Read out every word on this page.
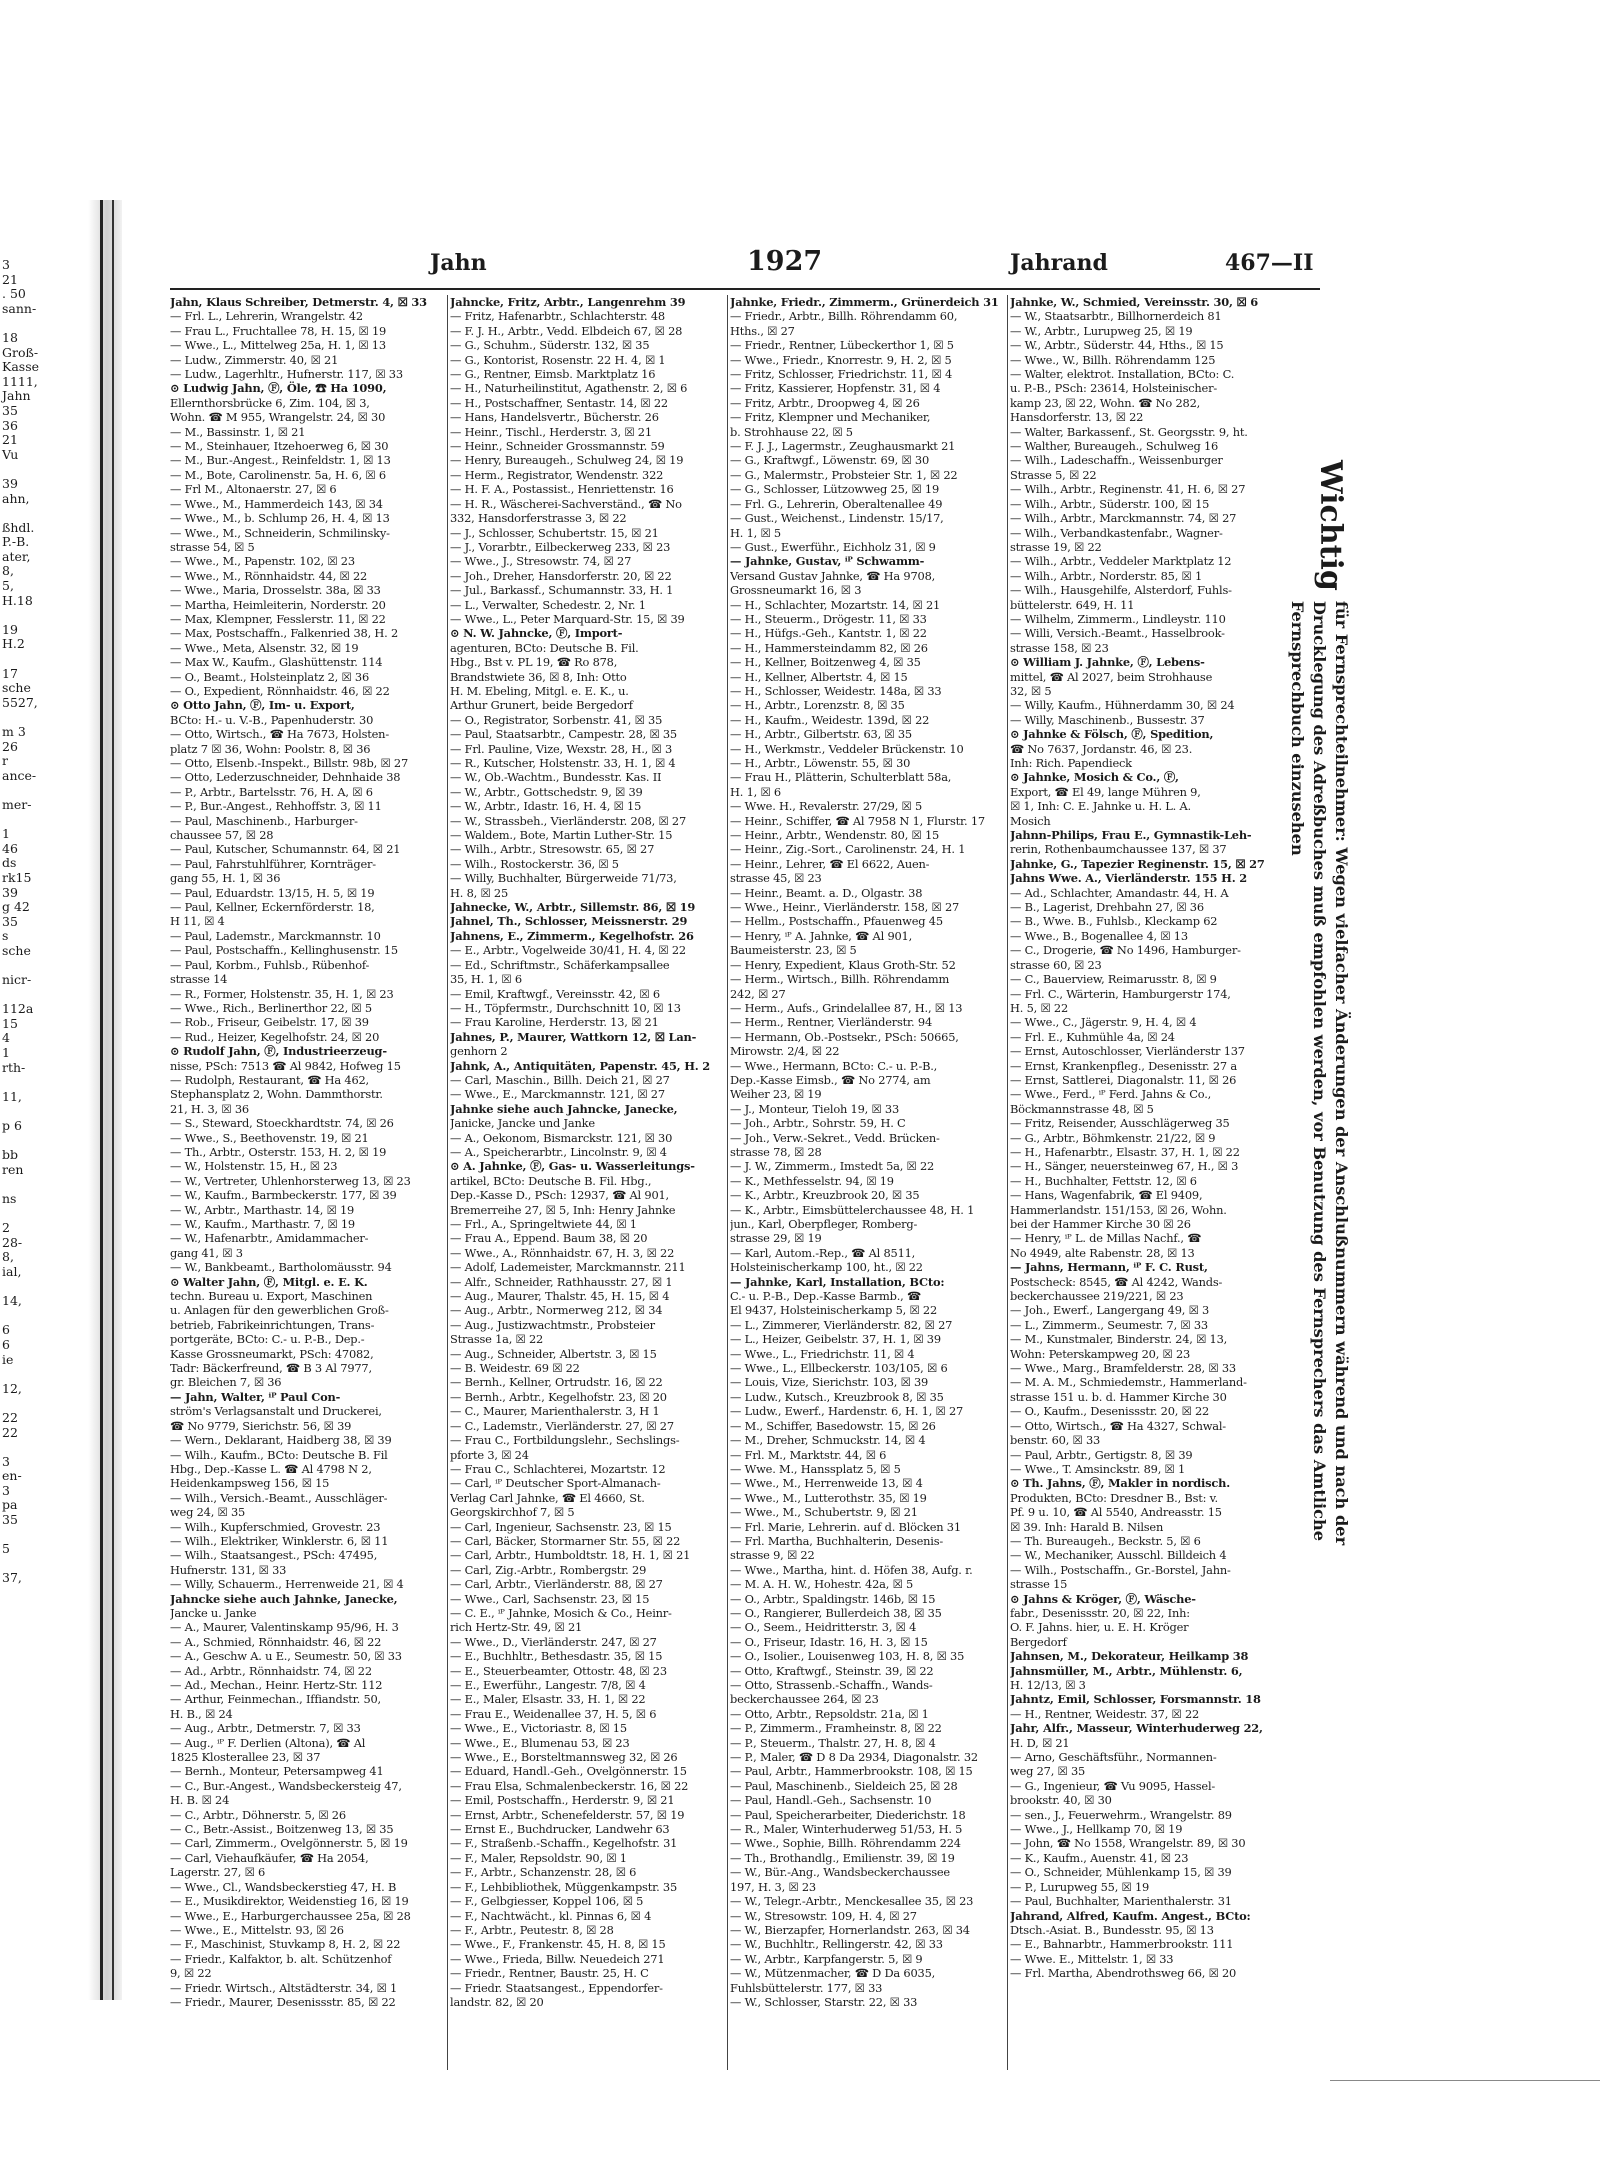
3
21
. 50
sann-

18
Groß-
Kasse
1111,
Jahn
35
36
21
Vu

39
ahn,

ßhdl.
P.-B.
ater,
8,
5,
H.18

19
H.2

17
sche
5527,

m 3
26
r
ance-

mer-

1
46
ds
rk15
39
g 42
35
s
sche

nicr-

112a
15
4
1
rth-

11,

p 6

bb
ren

ns

2
28-
8,
ial,

14,

6
6
ie

12,

22
22

3
en-
3
pa
35

5

37,
Jahn	1927	Jahrand	467—II
Jahn, Klaus Schreiber, Detmerstr. 4, ☒ 33
— Frl. L., Lehrerin, Wrangelstr. 42
— Frau L., Fruchtallee 78, H. 15, ☒ 19
— Wwe., L., Mittelweg 25a, H. 1, ☒ 13
— Ludw., Zimmerstr. 40, ☒ 21
— Ludw., Lagerhltr., Hufnerstr. 117, ☒ 33
⊙ Ludwig Jahn, Ⓕ, Öle, ☎ Ha 1090,
Ellernthorsbrücke 6, Zim. 104, ☒ 3,
Wohn. ☎ M 955, Wrangelstr. 24, ☒ 30
— M., Bassinstr. 1, ☒ 21
— M., Steinhauer, Itzehoerweg 6, ☒ 30
— M., Bur.-Angest., Reinfeldstr. 1, ☒ 13
— M., Bote, Carolinenstr. 5a, H. 6, ☒ 6
— Frl M., Altonaerstr. 27, ☒ 6
— Wwe., M., Hammerdeich 143, ☒ 34
— Wwe., M., b. Schlump 26, H. 4, ☒ 13
— Wwe., M., Schneiderin, Schmilinsky-
strasse 54, ☒ 5
— Wwe., M., Papenstr. 102, ☒ 23
— Wwe., M., Rönnhaidstr. 44, ☒ 22
— Wwe., Maria, Drosselstr. 38a, ☒ 33
— Martha, Heimleiterin, Norderstr. 20
— Max, Klempner, Fesslerstr. 11, ☒ 22
— Max, Postschaffn., Falkenried 38, H. 2
— Wwe., Meta, Alsenstr. 32, ☒ 19
— Max W., Kaufm., Glashüttenstr. 114
— O., Beamt., Holsteinplatz 2, ☒ 36
— O., Expedient, Rönnhaidstr. 46, ☒ 22
⊙ Otto Jahn, Ⓕ, Im- u. Export,
BCto: H.- u. V.-B., Papenhuderstr. 30
— Otto, Wirtsch., ☎ Ha 7673, Holsten-
platz 7 ☒ 36, Wohn: Poolstr. 8, ☒ 36
— Otto, Elsenb.-Inspekt., Billstr. 98b, ☒ 27
— Otto, Lederzuschneider, Dehnhaide 38
— P., Arbtr., Bartelsstr. 76, H. A, ☒ 6
— P., Bur.-Angest., Rehhoffstr. 3, ☒ 11
— Paul, Maschinenb., Harburger-
chaussee 57, ☒ 28
— Paul, Kutscher, Schumannstr. 64, ☒ 21
— Paul, Fahrstuhlführer, Kornträger-
gang 55, H. 1, ☒ 36
— Paul, Eduardstr. 13/15, H. 5, ☒ 19
— Paul, Kellner, Eckernförderstr. 18,
H 11, ☒ 4
— Paul, Lademstr., Marckmannstr. 10
— Paul, Postschaffn., Kellinghusenstr. 15
— Paul, Korbm., Fuhlsb., Rübenhof-
strasse 14
— R., Former, Holstenstr. 35, H. 1, ☒ 23
— Wwe., Rich., Berlinerthor 22, ☒ 5
— Rob., Friseur, Geibelstr. 17, ☒ 39
— Rud., Heizer, Kegelhofstr. 24, ☒ 20
⊙ Rudolf Jahn, Ⓕ, Industrieerzeug-
nisse, PSch: 7513 ☎ Al 9842, Hofweg 15
— Rudolph, Restaurant, ☎ Ha 462,
Stephansplatz 2, Wohn. Dammthorstr.
21, H. 3, ☒ 36
— S., Steward, Stoeckhardtstr. 74, ☒ 26
— Wwe., S., Beethovenstr. 19, ☒ 21
— Th., Arbtr., Osterstr. 153, H. 2, ☒ 19
— W., Holstenstr. 15, H., ☒ 23
— W., Vertreter, Uhlenhorsterweg 13, ☒ 23
— W., Kaufm., Barmbeckerstr. 177, ☒ 39
— W., Arbtr., Marthastr. 14, ☒ 19
— W., Kaufm., Marthastr. 7, ☒ 19
— W., Hafenarbtr., Amidammacher-
gang 41, ☒ 3
— W., Bankbeamt., Bartholomäusstr. 94
⊙ Walter Jahn, Ⓕ, Mitgl. e. E. K.
techn. Bureau u. Export, Maschinen
u. Anlagen für den gewerblichen Groß-
betrieb, Fabrikeinrichtungen, Trans-
portgeräte, BCto: C.- u. P.-B., Dep.-
Kasse Grossneumarkt, PSch: 47082,
Tadr: Bäckerfreund, ☎ B 3 Al 7977,
gr. Bleichen 7, ☒ 36
— Jahn, Walter, ⁱᴾ Paul Con-
ström's Verlagsanstalt und Druckerei,
☎ No 9779, Sierichstr. 56, ☒ 39
— Wern., Deklarant, Haidberg 38, ☒ 39
— Wilh., Kaufm., BCto: Deutsche B. Fil
Hbg., Dep.-Kasse L. ☎ Al 4798 N 2,
Heidenkampsweg 156, ☒ 15
— Wilh., Versich.-Beamt., Ausschläger-
weg 24, ☒ 35
— Wilh., Kupferschmied, Grovestr. 23
— Wilh., Elektriker, Winklerstr. 6, ☒ 11
— Wilh., Staatsangest., PSch: 47495,
Hufnerstr. 131, ☒ 33
— Willy, Schauerm., Herrenweide 21, ☒ 4
Jahncke siehe auch Jahnke, Janecke,
Jancke u. Janke
— A., Maurer, Valentinskamp 95/96, H. 3
— A., Schmied, Rönnhaidstr. 46, ☒ 22
— A., Geschw A. u E., Seumestr. 50, ☒ 33
— Ad., Arbtr., Rönnhaidstr. 74, ☒ 22
— Ad., Mechan., Heinr. Hertz-Str. 112
— Arthur, Feinmechan., Iffiandstr. 50,
H. B., ☒ 24
— Aug., Arbtr., Detmerstr. 7, ☒ 33
— Aug., ⁱᴾ F. Derlien (Altona), ☎ Al
1825 Klosterallee 23, ☒ 37
— Bernh., Monteur, Petersampweg 41
— C., Bur.-Angest., Wandsbeckersteig 47,
H. B. ☒ 24
— C., Arbtr., Döhnerstr. 5, ☒ 26
— C., Betr.-Assist., Boitzenweg 13, ☒ 35
— Carl, Zimmerm., Ovelgönnerstr. 5, ☒ 19
— Carl, Viehaufkäufer, ☎ Ha 2054,
Lagerstr. 27, ☒ 6
— Wwe., Cl., Wandsbeckerstieg 47, H. B
— E., Musikdirektor, Weidenstieg 16, ☒ 19
— Wwe., E., Harburgerchaussee 25a, ☒ 28
— Wwe., E., Mittelstr. 93, ☒ 26
— F., Maschinist, Stuvkamp 8, H. 2, ☒ 22
— Friedr., Kalfaktor, b. alt. Schützenhof
9, ☒ 22
— Friedr. Wirtsch., Altstädterstr. 34, ☒ 1
— Friedr., Maurer, Desenissstr. 85, ☒ 22
Jahncke, Fritz, Arbtr., Langenrehm 39
— Fritz, Hafenarbtr., Schlachterstr. 48
— F. J. H., Arbtr., Vedd. Elbdeich 67, ☒ 28
— G., Schuhm., Süderstr. 132, ☒ 35
— G., Kontorist, Rosenstr. 22 H. 4, ☒ 1
— G., Rentner, Eimsb. Marktplatz 16
— H., Naturheilinstitut, Agathenstr. 2, ☒ 6
— H., Postschaffner, Sentastr. 14, ☒ 22
— Hans, Handelsvertr., Bücherstr. 26
— Heinr., Tischl., Herderstr. 3, ☒ 21
— Heinr., Schneider Grossmannstr. 59
— Henry, Bureaugeh., Schulweg 24, ☒ 19
— Herm., Registrator, Wendenstr. 322
— H. F. A., Postassist., Henriettenstr. 16
— H. R., Wäscherei-Sachverständ., ☎ No
332, Hansdorferstrasse 3, ☒ 22
— J., Schlosser, Schubertstr. 15, ☒ 21
— J., Vorarbtr., Eilbeckerweg 233, ☒ 23
— Wwe., J., Stresowstr. 74, ☒ 27
— Joh., Dreher, Hansdorferstr. 20, ☒ 22
— Jul., Barkassf., Schumannstr. 33, H. 1
— L., Verwalter, Schedestr. 2, Nr. 1
— Wwe., L., Peter Marquard-Str. 15, ☒ 39
⊙ N. W. Jahncke, Ⓕ, Import-
agenturen, BCto: Deutsche B. Fil.
Hbg., Bst v. PL 19, ☎ Ro 878,
Brandstwiete 36, ☒ 8, Inh: Otto
H. M. Ebeling, Mitgl. e. E. K., u.
Arthur Grunert, beide Bergedorf
— O., Registrator, Sorbenstr. 41, ☒ 35
— Paul, Staatsarbtr., Campestr. 28, ☒ 35
— Frl. Pauline, Vize, Wexstr. 28, H., ☒ 3
— R., Kutscher, Holstenstr. 33, H. 1, ☒ 4
— W., Ob.-Wachtm., Bundesstr. Kas. II
— W., Arbtr., Gottschedstr. 9, ☒ 39
— W., Arbtr., Idastr. 16, H. 4, ☒ 15
— W., Strassbeh., Vierländerstr. 208, ☒ 27
— Waldem., Bote, Martin Luther-Str. 15
— Wilh., Arbtr., Stresowstr. 65, ☒ 27
— Wilh., Rostockerstr. 36, ☒ 5
— Willy, Buchhalter, Bürgerweide 71/73,
H. 8, ☒ 25
Jahnecke, W., Arbtr., Sillemstr. 86, ☒ 19
Jahnel, Th., Schlosser, Meissnerstr. 29
Jahnens, E., Zimmerm., Kegelhofstr. 26
— E., Arbtr., Vogelweide 30/41, H. 4, ☒ 22
— Ed., Schriftmstr., Schäferkampsallee
35, H. 1, ☒ 6
— Emil, Kraftwgf., Vereinsstr. 42, ☒ 6
— H., Töpfermstr., Durchschnitt 10, ☒ 13
— Frau Karoline, Herderstr. 13, ☒ 21
Jahnes, P., Maurer, Wattkorn 12, ☒ Lan-
genhorn 2
Jahnk, A., Antiquitäten, Papenstr. 45, H. 2
— Carl, Maschin., Billh. Deich 21, ☒ 27
— Wwe., E., Marckmannstr. 121, ☒ 27
Jahnke siehe auch Jahncke, Janecke,
Janicke, Jancke und Janke
— A., Oekonom, Bismarckstr. 121, ☒ 30
— A., Speicherarbtr., Lincolnstr. 9, ☒ 4
⊙ A. Jahnke, Ⓕ, Gas- u. Wasserleitungs-
artikel, BCto: Deutsche B. Fil. Hbg.,
Dep.-Kasse D., PSch: 12937, ☎ Al 901,
Bremerreihe 27, ☒ 5, Inh: Henry Jahnke
— Frl., A., Springeltwiete 44, ☒ 1
— Frau A., Eppend. Baum 38, ☒ 20
— Wwe., A., Rönnhaidstr. 67, H. 3, ☒ 22
— Adolf, Lademeister, Marckmannstr. 211
— Alfr., Schneider, Rathhausstr. 27, ☒ 1
— Aug., Maurer, Thalstr. 45, H. 15, ☒ 4
— Aug., Arbtr., Normerweg 212, ☒ 34
— Aug., Justizwachtmstr., Probsteier
Strasse 1a, ☒ 22
— Aug., Schneider, Albertstr. 3, ☒ 15
— B. Weidestr. 69 ☒ 22
— Bernh., Kellner, Ortrudstr. 16, ☒ 22
— Bernh., Arbtr., Kegelhofstr. 23, ☒ 20
— C., Maurer, Marienthalerstr. 3, H 1
— C., Lademstr., Vierländerstr. 27, ☒ 27
— Frau C., Fortbildungslehr., Sechslings-
pforte 3, ☒ 24
— Frau C., Schlachterei, Mozartstr. 12
— Carl, ⁱᴾ Deutscher Sport-Almanach-
Verlag Carl Jahnke, ☎ El 4660, St.
Georgskirchhof 7, ☒ 5
— Carl, Ingenieur, Sachsenstr. 23, ☒ 15
— Carl, Bäcker, Stormarner Str. 55, ☒ 22
— Carl, Arbtr., Humboldtstr. 18, H. 1, ☒ 21
— Carl, Zig.-Arbtr., Rombergstr. 29
— Carl, Arbtr., Vierländerstr. 88, ☒ 27
— Wwe., Carl, Sachsenstr. 23, ☒ 15
— C. E., ⁱᴾ Jahnke, Mosich & Co., Heinr-
rich Hertz-Str. 49, ☒ 21
— Wwe., D., Vierländerstr. 247, ☒ 27
— E., Buchhltr., Bethesdastr. 35, ☒ 15
— E., Steuerbeamter, Ottostr. 48, ☒ 23
— E., Ewerführ., Langestr. 7/8, ☒ 4
— E., Maler, Elsastr. 33, H. 1, ☒ 22
— Frau E., Weidenallee 37, H. 5, ☒ 6
— Wwe., E., Victoriastr. 8, ☒ 15
— Wwe., E., Blumenau 53, ☒ 23
— Wwe., E., Borsteltmannsweg 32, ☒ 26
— Eduard, Handl.-Geh., Ovelgönnerstr. 15
— Frau Elsa, Schmalenbeckerstr. 16, ☒ 22
— Emil, Postschaffn., Herderstr. 9, ☒ 21
— Ernst, Arbtr., Schenefelderstr. 57, ☒ 19
— Ernst E., Buchdrucker, Landwehr 63
— F., Straßenb.-Schaffn., Kegelhofstr. 31
— F., Maler, Repsoldstr. 90, ☒ 1
— F., Arbtr., Schanzenstr. 28, ☒ 6
— F., Lehbibliothek, Müggenkampstr. 35
— F., Gelbgiesser, Koppel 106, ☒ 5
— F., Nachtwächt., kl. Pinnas 6, ☒ 4
— F., Arbtr., Peutestr. 8, ☒ 28
— Wwe., F., Frankenstr. 45, H. 8, ☒ 15
— Wwe., Frieda, Billw. Neuedeich 271
— Friedr., Rentner, Baustr. 25, H. C
— Friedr. Staatsangest., Eppendorfer-
landstr. 82, ☒ 20
Jahnke, Friedr., Zimmerm., Grünerdeich 31
— Friedr., Arbtr., Billh. Röhrendamm 60,
Hths., ☒ 27
— Friedr., Rentner, Lübeckerthor 1, ☒ 5
— Wwe., Friedr., Knorrestr. 9, H. 2, ☒ 5
— Fritz, Schlosser, Friedrichstr. 11, ☒ 4
— Fritz, Kassierer, Hopfenstr. 31, ☒ 4
— Fritz, Arbtr., Droopweg 4, ☒ 26
— Fritz, Klempner und Mechaniker,
b. Strohhause 22, ☒ 5
— F. J. J., Lagermstr., Zeughausmarkt 21
— G., Kraftwgf., Löwenstr. 69, ☒ 30
— G., Malermstr., Probsteier Str. 1, ☒ 22
— G., Schlosser, Lützowweg 25, ☒ 19
— Frl. G., Lehrerin, Oberaltenallee 49
— Gust., Weichenst., Lindenstr. 15/17,
H. 1, ☒ 5
— Gust., Ewerführ., Eichholz 31, ☒ 9
— Jahnke, Gustav, ⁱᴾ Schwamm-
Versand Gustav Jahnke, ☎ Ha 9708,
Grossneumarkt 16, ☒ 3
— H., Schlachter, Mozartstr. 14, ☒ 21
— H., Steuerm., Drögestr. 11, ☒ 33
— H., Hüfgs.-Geh., Kantstr. 1, ☒ 22
— H., Hammersteindamm 82, ☒ 26
— H., Kellner, Boitzenweg 4, ☒ 35
— H., Kellner, Albertstr. 4, ☒ 15
— H., Schlosser, Weidestr. 148a, ☒ 33
— H., Arbtr., Lorenzstr. 8, ☒ 35
— H., Kaufm., Weidestr. 139d, ☒ 22
— H., Arbtr., Gilbertstr. 63, ☒ 35
— H., Werkmstr., Veddeler Brückenstr. 10
— H., Arbtr., Löwenstr. 55, ☒ 30
— Frau H., Plätterin, Schulterblatt 58a,
H. 1, ☒ 6
— Wwe. H., Revalerstr. 27/29, ☒ 5
— Heinr., Schiffer, ☎ Al 7958 N 1, Flurstr. 17
— Heinr., Arbtr., Wendenstr. 80, ☒ 15
— Heinr., Zig.-Sort., Carolinenstr. 24, H. 1
— Heinr., Lehrer, ☎ El 6622, Auen-
strasse 45, ☒ 23
— Heinr., Beamt. a. D., Olgastr. 38
— Wwe., Heinr., Vierländerstr. 158, ☒ 27
— Hellm., Postschaffn., Pfauenweg 45
— Henry, ⁱᴾ A. Jahnke, ☎ Al 901,
Baumeisterstr. 23, ☒ 5
— Henry, Expedient, Klaus Groth-Str. 52
— Herm., Wirtsch., Billh. Röhrendamm
242, ☒ 27
— Herm., Aufs., Grindelallee 87, H., ☒ 13
— Herm., Rentner, Vierländerstr. 94
— Hermann, Ob.-Postsekr., PSch: 50665,
Mirowstr. 2/4, ☒ 22
— Wwe., Hermann, BCto: C.- u. P.-B.,
Dep.-Kasse Eimsb., ☎ No 2774, am
Weiher 23, ☒ 19
— J., Monteur, Tieloh 19, ☒ 33
— Joh., Arbtr., Sohrstr. 59, H. C
— Joh., Verw.-Sekret., Vedd. Brücken-
strasse 78, ☒ 28
— J. W., Zimmerm., Imstedt 5a, ☒ 22
— K., Methfesselstr. 94, ☒ 19
— K., Arbtr., Kreuzbrook 20, ☒ 35
— K., Arbtr., Eimsbüttelerchaussee 48, H. 1
jun., Karl, Oberpfleger, Romberg-
strasse 29, ☒ 19
— Karl, Autom.-Rep., ☎ Al 8511,
Holsteinischerkamp 100, ht., ☒ 22
— Jahnke, Karl, Installation, BCto:
C.- u. P.-B., Dep.-Kasse Barmb., ☎
El 9437, Holsteinischerkamp 5, ☒ 22
— L., Zimmerer, Vierländerstr. 82, ☒ 27
— L., Heizer, Geibelstr. 37, H. 1, ☒ 39
— Wwe., L., Friedrichstr. 11, ☒ 4
— Wwe., L., Ellbeckerstr. 103/105, ☒ 6
— Louis, Vize, Sierichstr. 103, ☒ 39
— Ludw., Kutsch., Kreuzbrook 8, ☒ 35
— Ludw., Ewerf., Hardenstr. 6, H. 1, ☒ 27
— M., Schiffer, Basedowstr. 15, ☒ 26
— M., Dreher, Schmuckstr. 14, ☒ 4
— Frl. M., Marktstr. 44, ☒ 6
— Wwe. M., Hanssplatz 5, ☒ 5
— Wwe., M., Herrenweide 13, ☒ 4
— Wwe., M., Lutterothstr. 35, ☒ 19
— Wwe., M., Schubertstr. 9, ☒ 21
— Frl. Marie, Lehrerin. auf d. Blöcken 31
— Frl. Martha, Buchhalterin, Desenis-
strasse 9, ☒ 22
— Wwe., Martha, hint. d. Höfen 38, Aufg. r.
— M. A. H. W., Hohestr. 42a, ☒ 5
— O., Arbtr., Spaldingstr. 146b, ☒ 15
— O., Rangierer, Bullerdeich 38, ☒ 35
— O., Seem., Heidritterstr. 3, ☒ 4
— O., Friseur, Idastr. 16, H. 3, ☒ 15
— O., Isolier., Louisenweg 103, H. 8, ☒ 35
— Otto, Kraftwgf., Steinstr. 39, ☒ 22
— Otto, Strassenb.-Schaffn., Wands-
beckerchaussee 264, ☒ 23
— Otto, Arbtr., Repsoldstr. 21a, ☒ 1
— P., Zimmerm., Framheinstr. 8, ☒ 22
— P., Steuerm., Thalstr. 27, H. 8, ☒ 4
— P., Maler, ☎ D 8 Da 2934, Diagonalstr. 32
— Paul, Arbtr., Hammerbrookstr. 108, ☒ 15
— Paul, Maschinenb., Sieldeich 25, ☒ 28
— Paul, Handl.-Geh., Sachsenstr. 10
— Paul, Speicherarbeiter, Diederichstr. 18
— R., Maler, Winterhuderweg 51/53, H. 5
— Wwe., Sophie, Billh. Röhrendamm 224
— Th., Brothandlg., Emilienstr. 39, ☒ 19
— W., Bür.-Ang., Wandsbeckerchaussee
197, H. 3, ☒ 23
— W., Telegr.-Arbtr., Menckesallee 35, ☒ 23
— W., Stresowstr. 109, H. 4, ☒ 27
— W., Bierzapfer, Hornerlandstr. 263, ☒ 34
— W., Buchhltr., Rellingerstr. 42, ☒ 33
— W., Arbtr., Karpfangerstr. 5, ☒ 9
— W., Mützenmacher, ☎ D Da 6035,
Fuhlsbüttelerstr. 177, ☒ 33
— W., Schlosser, Starstr. 22, ☒ 33
Jahnke, W., Schmied, Vereinsstr. 30, ☒ 6
— W., Staatsarbtr., Billhornerdeich 81
— W., Arbtr., Lurupweg 25, ☒ 19
— W., Arbtr., Süderstr. 44, Hths., ☒ 15
— Wwe., W., Billh. Röhrendamm 125
— Walter, elektrot. Installation, BCto: C.
u. P.-B., PSch: 23614, Holsteinischer-
kamp 23, ☒ 22, Wohn. ☎ No 282,
Hansdorferstr. 13, ☒ 22
— Walter, Barkassenf., St. Georgsstr. 9, ht.
— Walther, Bureaugeh., Schulweg 16
— Wilh., Ladeschaffn., Weissenburger
Strasse 5, ☒ 22
— Wilh., Arbtr., Reginenstr. 41, H. 6, ☒ 27
— Wilh., Arbtr., Süderstr. 100, ☒ 15
— Wilh., Arbtr., Marckmannstr. 74, ☒ 27
— Wilh., Verbandkastenfabr., Wagner-
strasse 19, ☒ 22
— Wilh., Arbtr., Veddeler Marktplatz 12
— Wilh., Arbtr., Norderstr. 85, ☒ 1
— Wilh., Hausgehilfe, Alsterdorf, Fuhls-
büttelerstr. 649, H. 11
— Wilhelm, Zimmerm., Lindleystr. 110
— Willi, Versich.-Beamt., Hasselbrook-
strasse 158, ☒ 23
⊙ William J. Jahnke, Ⓕ, Lebens-
mittel, ☎ Al 2027, beim Strohhause
32, ☒ 5
— Willy, Kaufm., Hühnerdamm 30, ☒ 24
— Willy, Maschinenb., Bussestr. 37
⊙ Jahnke & Fölsch, Ⓕ, Spedition,
☎ No 7637, Jordanstr. 46, ☒ 23.
Inh: Rich. Papendieck
⊙ Jahnke, Mosich & Co., Ⓕ,
Export, ☎ El 49, lange Mühren 9,
☒ 1, Inh: C. E. Jahnke u. H. L. A.
Mosich
Jahnn-Philips, Frau E., Gymnastik-Leh-
rerin, Rothenbaumchaussee 137, ☒ 37
Jahnke, G., Tapezier Reginenstr. 15, ☒ 27
Jahns Wwe. A., Vierländerstr. 155 H. 2
— Ad., Schlachter, Amandastr. 44, H. A
— B., Lagerist, Drehbahn 27, ☒ 36
— B., Wwe. B., Fuhlsb., Kleckamp 62
— Wwe., B., Bogenallee 4, ☒ 13
— C., Drogerie, ☎ No 1496, Hamburger-
strasse 60, ☒ 23
— C., Bauerview, Reimarusstr. 8, ☒ 9
— Frl. C., Wärterin, Hamburgerstr 174,
H. 5, ☒ 22
— Wwe., C., Jägerstr. 9, H. 4, ☒ 4
— Frl. E., Kuhmühle 4a, ☒ 24
— Ernst, Autoschlosser, Vierländerstr 137
— Ernst, Krankenpfleg., Desenisstr. 27 a
— Ernst, Sattlerei, Diagonalstr. 11, ☒ 26
— Wwe., Ferd., ⁱᴾ Ferd. Jahns & Co.,
Böckmannstrasse 48, ☒ 5
— Fritz, Reisender, Ausschlägerweg 35
— G., Arbtr., Böhmkenstr. 21/22, ☒ 9
— H., Hafenarbtr., Elsastr. 37, H. 1, ☒ 22
— H., Sänger, neuersteinweg 67, H., ☒ 3
— H., Buchhalter, Fettstr. 12, ☒ 6
— Hans, Wagenfabrik, ☎ El 9409,
Hammerlandstr. 151/153, ☒ 26, Wohn.
bei der Hammer Kirche 30 ☒ 26
— Henry, ⁱᴾ L. de Millas Nachf., ☎
No 4949, alte Rabenstr. 28, ☒ 13
— Jahns, Hermann, ⁱᴾ F. C. Rust,
Postscheck: 8545, ☎ Al 4242, Wands-
beckerchaussee 219/221, ☒ 23
— Joh., Ewerf., Langergang 49, ☒ 3
— L., Zimmerm., Seumestr. 7, ☒ 33
— M., Kunstmaler, Binderstr. 24, ☒ 13,
Wohn: Peterskampweg 20, ☒ 23
— Wwe., Marg., Bramfelderstr. 28, ☒ 33
— M. A. M., Schmiedemstr., Hammerland-
strasse 151 u. b. d. Hammer Kirche 30
— O., Kaufm., Desenissstr. 20, ☒ 22
— Otto, Wirtsch., ☎ Ha 4327, Schwal-
benstr. 60, ☒ 33
— Paul, Arbtr., Gertigstr. 8, ☒ 39
— Wwe., T. Amsinckstr. 89, ☒ 1
⊙ Th. Jahns, Ⓕ, Makler in nordisch.
Produkten, BCto: Dresdner B., Bst: v.
Pf. 9 u. 10, ☎ Al 5540, Andreasstr. 15
☒ 39. Inh: Harald B. Nilsen
— Th. Bureaugeh., Beckstr. 5, ☒ 6
— W., Mechaniker, Ausschl. Billdeich 4
— Wilh., Postschaffn., Gr.-Borstel, Jahn-
strasse 15
⊙ Jahns & Kröger, Ⓕ, Wäsche-
fabr., Desenissstr. 20, ☒ 22, Inh:
O. F. Jahns. hier, u. E. H. Kröger
Bergedorf
Jahnsen, M., Dekorateur, Heilkamp 38
Jahnsmüller, M., Arbtr., Mühlenstr. 6,
H. 12/13, ☒ 3
Jahntz, Emil, Schlosser, Forsmannstr. 18
— H., Rentner, Weidestr. 37, ☒ 22
Jahr, Alfr., Masseur, Winterhuderweg 22,
H. D, ☒ 21
— Arno, Geschäftsführ., Normannen-
weg 27, ☒ 35
— G., Ingenieur, ☎ Vu 9095, Hassel-
brookstr. 40, ☒ 30
— sen., J., Feuerwehrm., Wrangelstr. 89
— Wwe., J., Hellkamp 70, ☒ 19
— John, ☎ No 1558, Wrangelstr. 89, ☒ 30
— K., Kaufm., Auenstr. 41, ☒ 23
— O., Schneider, Mühlenkamp 15, ☒ 39
— P., Lurupweg 55, ☒ 19
— Paul, Buchhalter, Marienthalerstr. 31
Jahrand, Alfred, Kaufm. Angest., BCto:
Dtsch.-Asiat. B., Bundesstr. 95, ☒ 13
— E., Bahnarbtr., Hammerbrookstr. 111
— Wwe. E., Mittelstr. 1, ☒ 33
— Frl. Martha, Abendrothsweg 66, ☒ 20
Wichtig
für Fernsprechteilnehmer: Wegen vielfacher Änderungen der Anschlußnummern während und nach der Drucklegung des Adreßbuches muß empfohlen werden, vor Benutzung des Fernsprechers das Amtliche Fernsprechbuch einzusehen
